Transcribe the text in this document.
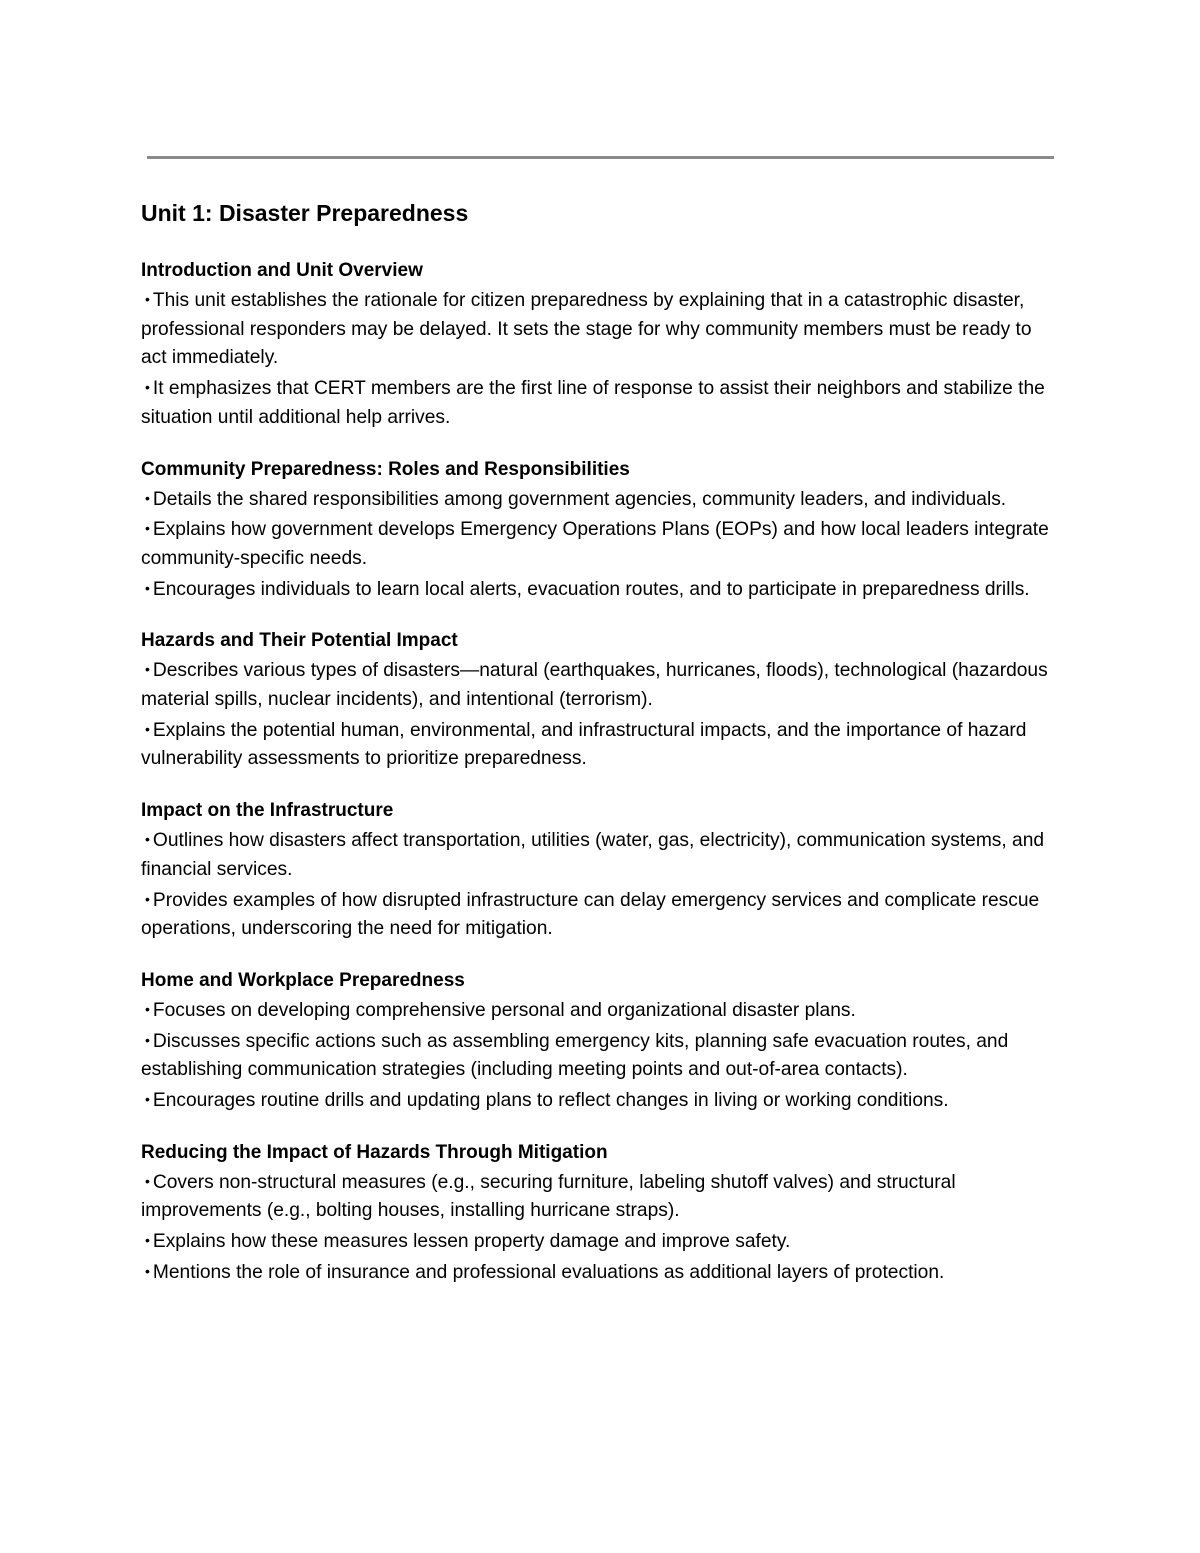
Unit 1: Disaster Preparedness

Introduction and Unit Overview

• This unit establishes the rationale for citizen preparedness by explaining that in a catastrophic disaster, professional responders may be delayed. It sets the stage for why community members must be ready to act immediately.

• It emphasizes that CERT members are the first line of response to assist their neighbors and stabilize the situation until additional help arrives.

Community Preparedness: Roles and Responsibilities

• Details the shared responsibilities among government agencies, community leaders, and individuals.

• Explains how government develops Emergency Operations Plans (EOPs) and how local leaders integrate community-specific needs.

• Encourages individuals to learn local alerts, evacuation routes, and to participate in preparedness drills.

Hazards and Their Potential Impact

• Describes various types of disasters—natural (earthquakes, hurricanes, floods), technological (hazardous material spills, nuclear incidents), and intentional (terrorism).

• Explains the potential human, environmental, and infrastructural impacts, and the importance of hazard vulnerability assessments to prioritize preparedness.

Impact on the Infrastructure

• Outlines how disasters affect transportation, utilities (water, gas, electricity), communication systems, and financial services.

• Provides examples of how disrupted infrastructure can delay emergency services and complicate rescue operations, underscoring the need for mitigation.

Home and Workplace Preparedness

• Focuses on developing comprehensive personal and organizational disaster plans.

• Discusses specific actions such as assembling emergency kits, planning safe evacuation routes, and establishing communication strategies (including meeting points and out-of-area contacts).

• Encourages routine drills and updating plans to reflect changes in living or working conditions.

Reducing the Impact of Hazards Through Mitigation

• Covers non-structural measures (e.g., securing furniture, labeling shutoff valves) and structural improvements (e.g., bolting houses, installing hurricane straps).

• Explains how these measures lessen property damage and improve safety.

• Mentions the role of insurance and professional evaluations as additional layers of protection.
